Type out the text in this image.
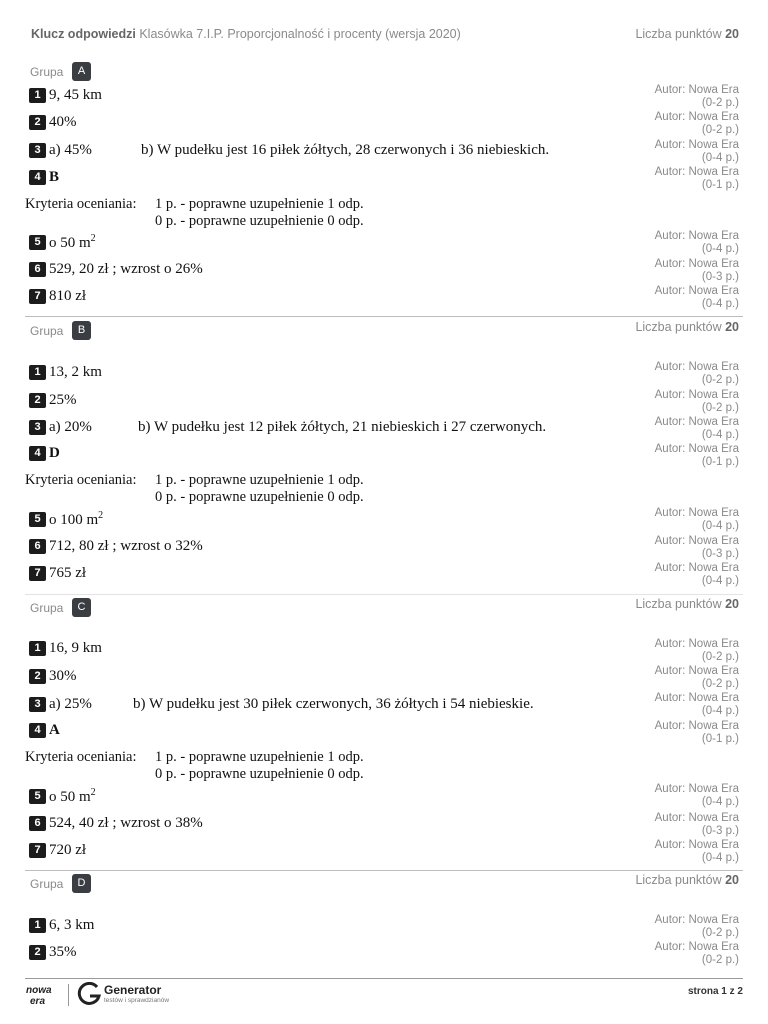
Klucz odpowiedzi Klasówka 7.I.P. Proporcjonalność i procenty (wersja 2020)	Liczba punktów 20
Grupa	A
1 9, 45 km	Autor: Nowa Era
(0-2 p.)
2 40%	Autor: Nowa Era
(0-2 p.)
3 a) 45%	b) W pudełku jest 16 piłek żółtych, 28 czerwonych i 36 niebieskich.	Autor: Nowa Era
(0-4 p.)
4 B	Autor: Nowa Era
(0-1 p.)
Kryteria oceniania: 1 p. - poprawne uzupełnienie 1 odp.

0 p. - poprawne uzupełnienie 0 odp.
5 o 50 $m^2$	Autor: Nowa Era
(0-4 p.)
6 529, 20 zł ; wzrost o 26%	Autor: Nowa Era
(0-3 p.)
7 810 zł	Autor: Nowa Era
(0-4 p.)
Grupa	B	Liczba punktów 20
1 13, 2 km	Autor: Nowa Era
(0-2 p.)
2 25%	Autor: Nowa Era
(0-2 p.)
3 a) 20%	b) W pudełku jest 12 piłek żółtych, 21 niebieskich i 27 czerwonych.	Autor: Nowa Era
(0-4 p.)
4 D	Autor: Nowa Era
(0-1 p.)
Kryteria oceniania: 1 p. - poprawne uzupełnienie 1 odp.

0 p. - poprawne uzupełnienie 0 odp.
5 o 100 $m^2$	Autor: Nowa Era
(0-4 p.)
6 712, 80 zł ; wzrost o 32%	Autor: Nowa Era
(0-3 p.)
7 765 zł	Autor: Nowa Era
(0-4 p.)
Grupa	C	Liczba punktów 20
1 16, 9 km	Autor: Nowa Era
(0-2 p.)
2 30%	Autor: Nowa Era
(0-2 p.)
3 a) 25%	b) W pudełku jest 30 piłek czerwonych, 36 żółtych i 54 niebieskie.	Autor: Nowa Era
(0-4 p.)
4 A	Autor: Nowa Era
(0-1 p.)
Kryteria oceniania: 1 p. - poprawne uzupełnienie 1 odp.

0 p. - poprawne uzupełnienie 0 odp.
5 o 50 $m^2$	Autor: Nowa Era
(0-4 p.)
6 524, 40 zł ; wzrost o 38%	Autor: Nowa Era
(0-3 p.)
7 720 zł	Autor: Nowa Era
(0-4 p.)
Grupa	D	Liczba punktów 20
1 6, 3 km	Autor: Nowa Era
(0-2 p.)
2 35%	Autor: Nowa Era
(0-2 p.)
nowa
era
Generator
testów i sprawdzianów
strona 1 z 2
